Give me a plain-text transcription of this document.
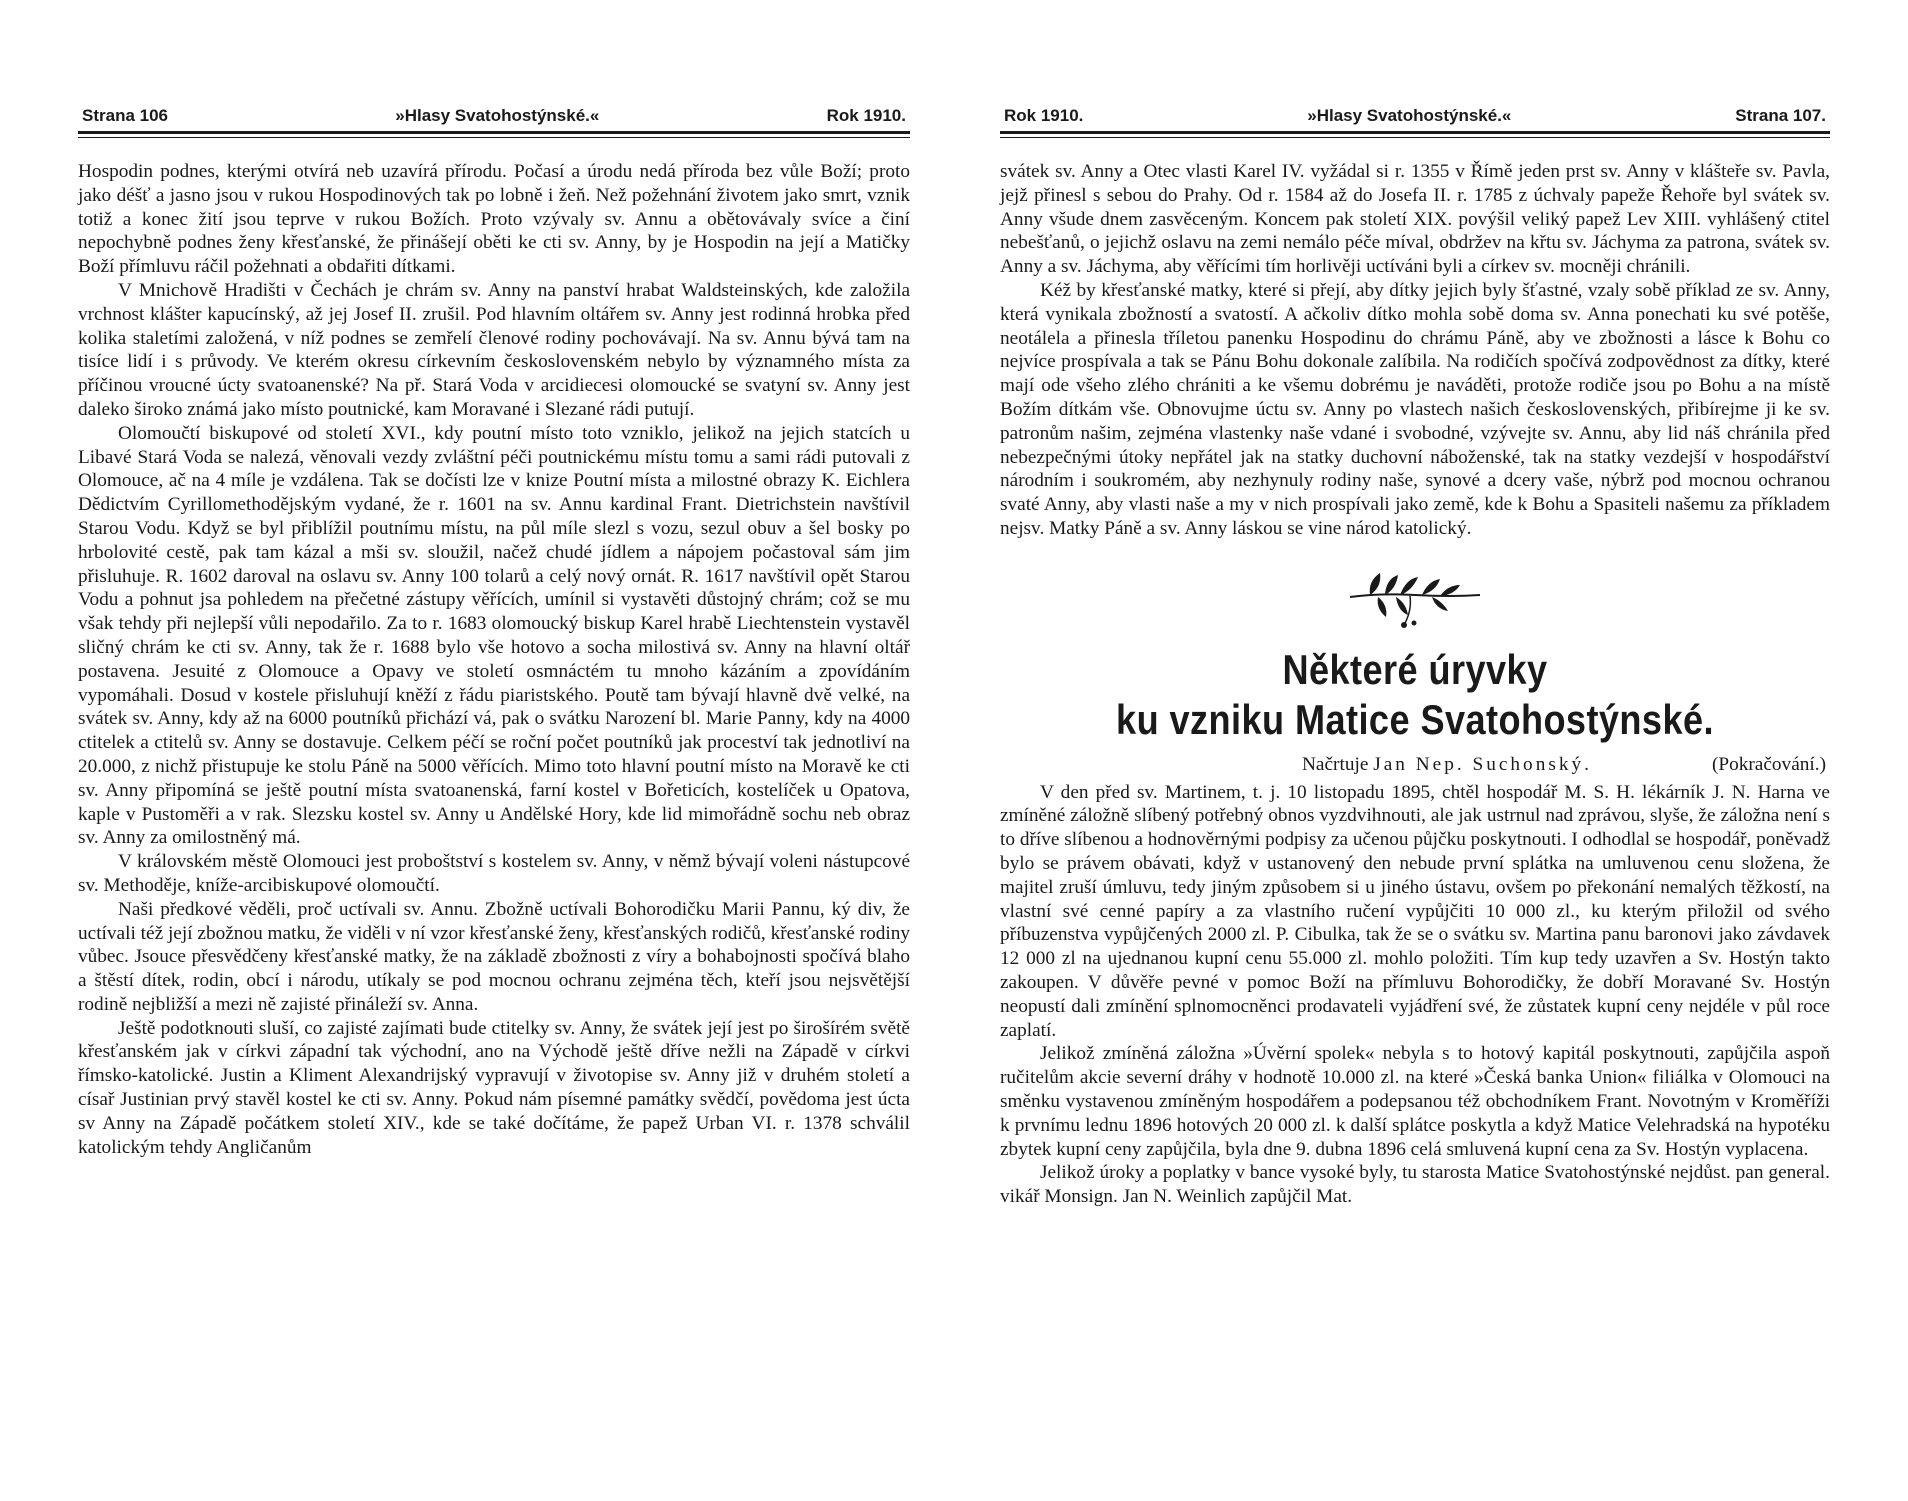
Strana 106	»Hlasy Svatohostýnské.«	Rok 1910.

Hospodin podnes, kterými otvírá neb uzavírá přírodu. Počasí a úrodu nedá příroda bez vůle Boží; proto jako déšť a jasno jsou v rukou Hospodinových tak po lobně i žeň. Než požehnání životem jako smrt, vznik totiž a konec žití jsou teprve v rukou Božích. Proto vzývaly sv. Annu a obětovávaly svíce a činí nepochybně podnes ženy křesťanské, že přinášejí oběti ke cti sv. Anny, by je Hospodin na její a Matičky Boží přímluvu ráčil požehnati a obdařiti dítkami.

V Mnichově Hradišti v Čechách je chrám sv. Anny na panství hrabat Waldsteinských, kde založila vrchnost klášter kapucínský, až jej Josef II. zrušil. Pod hlavním oltářem sv. Anny jest rodinná hrobka před kolika staletími založená, v níž podnes se zemřelí členové rodiny pochovávají. Na sv. Annu bývá tam na tisíce lidí i s průvody. Ve kterém okresu církevním československém nebylo by významného místa za příčinou vroucné úcty svatoanenské? Na př. Stará Voda v arcidiecesi olomoucké se svatyní sv. Anny jest daleko široko známá jako místo poutnické, kam Moravané i Slezané rádi putují.

Olomoučtí biskupové od století XVI., kdy poutní místo toto vzniklo, jelikož na jejich statcích u Libavé Stará Voda se nalezá, věnovali vezdy zvláštní péči poutnickému místu tomu a sami rádi putovali z Olomouce, ač na 4 míle je vzdálena. Tak se dočísti lze v knize Poutní místa a milostné obrazy K. Eichlera Dědictvím Cyrillomethodějským vydané, že r. 1601 na sv. Annu kardinal Frant. Dietrichstein navštívil Starou Vodu. Když se byl přiblížil poutnímu místu, na půl míle slezl s vozu, sezul obuv a šel bosky po hrbolovité cestě, pak tam kázal a mši sv. sloužil, načež chudé jídlem a nápojem počastoval sám jim přisluhuje. R. 1602 daroval na oslavu sv. Anny 100 tolarů a celý nový ornát. R. 1617 navštívil opět Starou Vodu a pohnut jsa pohledem na přečetné zástupy věřících, umínil si vystavěti důstojný chrám; což se mu však tehdy při nejlepší vůli nepodařilo. Za to r. 1683 olomoucký biskup Karel hrabě Liechtenstein vystavěl sličný chrám ke cti sv. Anny, tak že r. 1688 bylo vše hotovo a socha milostivá sv. Anny na hlavní oltář postavena. Jesuité z Olomouce a Opavy ve století osmnáctém tu mnoho kázáním a zpovídáním vypomáhali. Dosud v kostele přisluhují kněží z řádu piaristského. Poutě tam bývají hlavně dvě velké, na svátek sv. Anny, kdy až na 6000 poutníků přichází vá, pak o svátku Narození bl. Marie Panny, kdy na 4000 ctitelek a ctitelů sv. Anny se dostavuje. Celkem péčí se roční počet poutníků jak proceství tak jednotliví na 20.000, z nichž přistupuje ke stolu Páně na 5000 věřících. Mimo toto hlavní poutní místo na Moravě ke cti sv. Anny připomíná se ještě poutní místa svatoanenská, farní kostel v Bořeticích, kostelíček u Opatova, kaple v Pustoměři a v rak. Slezsku kostel sv. Anny u Andělské Hory, kde lid mimořádně sochu neb obraz sv. Anny za omilostněný má.

V královském městě Olomouci jest proboštství s kostelem sv. Anny, v němž bývají voleni nástupcové sv. Methoděje, kníže-arcibiskupové olomoučtí.

Naši předkové věděli, proč uctívali sv. Annu. Zbožně uctívali Bohorodičku Marii Pannu, ký div, že uctívali též její zbožnou matku, že viděli v ní vzor křesťanské ženy, křesťanských rodičů, křesťanské rodiny vůbec. Jsouce přesvědčeny křesťanské matky, že na základě zbožnosti z víry a bohabojnosti spočívá blaho a štěstí dítek, rodin, obcí i národu, utíkaly se pod mocnou ochranu zejména těch, kteří jsou nejsvětější rodině nejbližší a mezi ně zajisté přináleží sv. Anna.

Ještě podotknouti sluší, co zajisté zajímati bude ctitelky sv. Anny, že svátek její jest po širošírém světě křesťanském jak v církvi západní tak východní, ano na Východě ještě dříve nežli na Západě v církvi římsko-katolické. Justin a Kliment Alexandrijský vypravují v životopise sv. Anny již v druhém století a císař Justinian prvý stavěl kostel ke cti sv. Anny. Pokud nám písemné památky svědčí, povědoma jest úcta sv Anny na Západě počátkem století XIV., kde se také dočítáme, že papež Urban VI. r. 1378 schválil katolickým tehdy Angličanům

Rok 1910.	»Hlasy Svatohostýnské.«	Strana 107.

svátek sv. Anny a Otec vlasti Karel IV. vyžádal si r. 1355 v Římě jeden prst sv. Anny v klášteře sv. Pavla, jejž přinesl s sebou do Prahy. Od r. 1584 až do Josefa II. r. 1785 z úchvaly papeže Řehoře byl svátek sv. Anny všude dnem zasvěceným. Koncem pak století XIX. povýšil veliký papež Lev XIII. vyhlášený ctitel nebešťanů, o jejichž oslavu na zemi nemálo péče míval, obdržev na křtu sv. Jáchyma za patrona, svátek sv. Anny a sv. Jáchyma, aby věřícími tím horlivěji uctíváni byli a církev sv. mocněji chránili.

Kéž by křesťanské matky, které si přejí, aby dítky jejich byly šťastné, vzaly sobě příklad ze sv. Anny, která vynikala zbožností a svatostí. A ačkoliv dítko mohla sobě doma sv. Anna ponechati ku své potěše, neotálela a přinesla tříletou panenku Hospodinu do chrámu Páně, aby ve zbožnosti a lásce k Bohu co nejvíce prospívala a tak se Pánu Bohu dokonale zalíbila. Na rodičích spočívá zodpovědnost za dítky, které mají ode všeho zlého chrániti a ke všemu dobrému je naváděti, protože rodiče jsou po Bohu a na místě Božím dítkám vše. Obnovujme úctu sv. Anny po vlastech našich československých, přibírejme ji ke sv. patronům našim, zejména vlastenky naše vdané i svobodné, vzývejte sv. Annu, aby lid náš chránila před nebezpečnými útoky nepřátel jak na statky duchovní náboženské, tak na statky vezdejší v hospodářství národním i soukromém, aby nezhynuly rodiny naše, synové a dcery vaše, nýbrž pod mocnou ochranou svaté Anny, aby vlasti naše a my v nich prospívali jako země, kde k Bohu a Spasiteli našemu za příkladem nejsv. Matky Páně a sv. Anny láskou se vine národ katolický.

Některé úryvky
ku vzniku Matice Svatohostýnské.
Načrtuje Jan Nep. Suchonský.	(Pokračování.)

V den před sv. Martinem, t. j. 10 listopadu 1895, chtěl hospodář M. S. H. lékárník J. N. Harna ve zmíněné záložně slíbený potřebný obnos vyzdvihnouti, ale jak ustrnul nad zprávou, slyše, že záložna není s to dříve slíbenou a hodnověrnými podpisy za učenou půjčku poskytnouti. I odhodlal se hospodář, poněvadž bylo se právem obávati, když v ustanovený den nebude první splátka na umluvenou cenu složena, že majitel zruší úmluvu, tedy jiným způsobem si u jiného ústavu, ovšem po překonání nemalých těžkostí, na vlastní své cenné papíry a za vlastního ručení vypůjčiti 10 000 zl., ku kterým přiložil od svého příbuzenstva vypůjčených 2000 zl. P. Cibulka, tak že se o svátku sv. Martina panu baronovi jako závdavek 12 000 zl na ujednanou kupní cenu 55.000 zl. mohlo položiti. Tím kup tedy uzavřen a Sv. Hostýn takto zakoupen. V důvěře pevné v pomoc Boží na přímluvu Bohorodičky, že dobří Moravané Sv. Hostýn neopustí dali zmínění splnomocněnci prodavateli vyjádření své, že zůstatek kupní ceny nejdéle v půl roce zaplatí.

Jelikož zmíněná záložna »Úvěrní spolek« nebyla s to hotový kapitál poskytnouti, zapůjčila aspoň ručitelům akcie severní dráhy v hodnotě 10.000 zl. na které »Česká banka Union« filiálka v Olomouci na směnku vystavenou zmíněným hospodářem a podepsanou též obchodníkem Frant. Novotným v Kroměříži k prvnímu lednu 1896 hotových 20 000 zl. k další splátce poskytla a když Matice Velehradská na hypotéku zbytek kupní ceny zapůjčila, byla dne 9. dubna 1896 celá smluvená kupní cena za Sv. Hostýn vyplacena.

Jelikož úroky a poplatky v bance vysoké byly, tu starosta Matice Svatohostýnské nejdůst. pan general. vikář Monsign. Jan N. Weinlich zapůjčil Mat.
